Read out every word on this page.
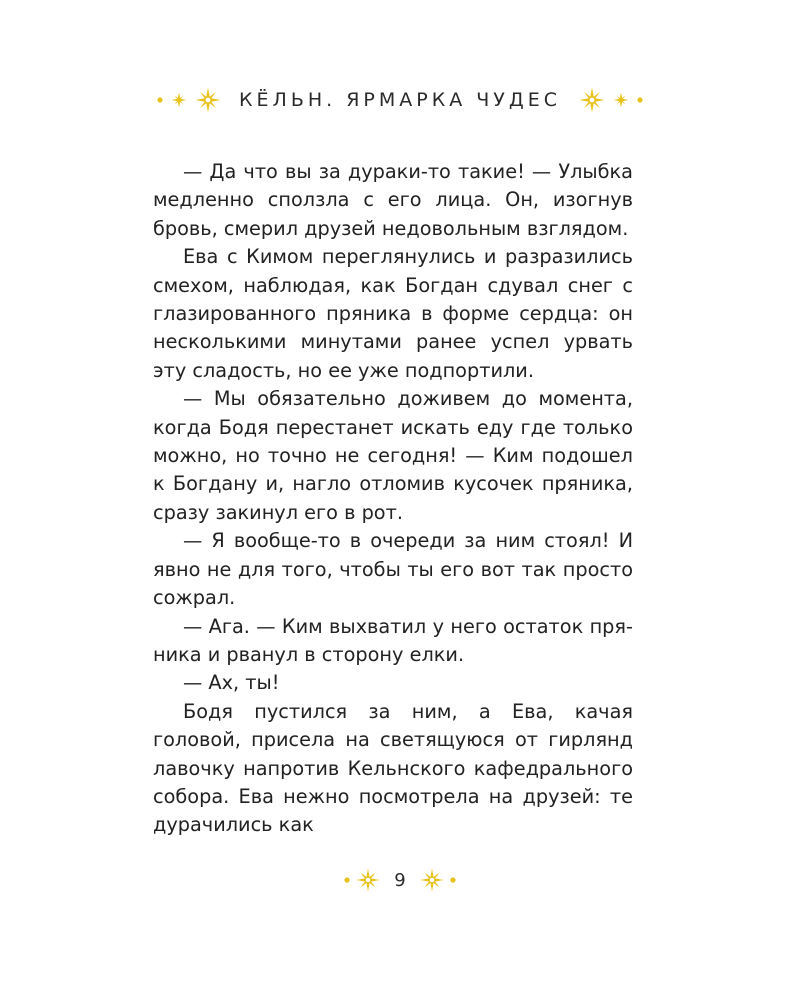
КЁЛЬН. ЯРМАРКА ЧУДЕС

— Да что вы за дураки-то такие! — Улыбка медленно сползла с его лица. Он, изогнув бровь, смерил друзей недовольным взглядом.

Ева с Кимом переглянулись и разразились смехом, наблюдая, как Богдан сдувал снег с глазированного пряника в форме сердца: он несколькими минутами ранее успел урвать эту сладость, но ее уже подпортили.

— Мы обязательно доживем до момента, когда Бодя перестанет искать еду где только можно, но точно не сегодня! — Ким подошел к Богдану и, нагло отломив кусочек пряника, сразу закинул его в рот.

— Я вообще-то в очереди за ним стоял! И явно не для того, чтобы ты его вот так просто сожрал.

— Ага. — Ким выхватил у него остаток пряника и рванул в сторону елки.

— Ах, ты!

Бодя пустился за ним, а Ева, качая головой, присела на светящуюся от гирлянд лавочку напротив Кельнского кафедрального собора. Ева нежно посмотрела на друзей: те дурачились как

9
